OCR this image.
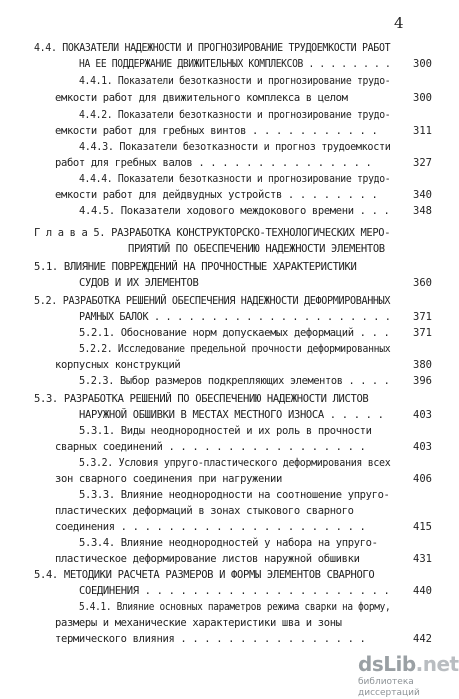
4
4.4. ПОКАЗАТЕЛИ НАДЕЖНОСТИ И ПРОГНОЗИРОВАНИЕ ТРУДОЕМКОСТИ РАБОТ
НА ЕЕ ПОДДЕРЖАНИЕ ДВИЖИТЕЛЬНЫХ КОМПЛЕКСОВ . . . . . . . .	300
4.4.1. Показатели безотказности и прогнозирование трудо-
емкости работ для движительного комплекса в целом	300
4.4.2. Показатели безотказности и прогнозирование трудо-
емкости работ для гребных винтов . . . . . . . . . . .	311
4.4.3. Показатели безотказности и прогноз трудоемкости
работ для гребных валов . . . . . . . . . . . . . . .	327
4.4.4. Показатели безотказности и прогнозирование трудо-
емкости работ для дейдвудных устройств . . . . . . . .	340
4.4.5. Показатели ходового междокового времени . . .	348
Г л а в а 5. РАЗРАБОТКА КОНСТРУКТОРСКО-ТЕХНОЛОГИЧЕСКИХ МЕРО-
ПРИЯТИЙ ПО ОБЕСПЕЧЕНИЮ НАДЕЖНОСТИ ЭЛЕМЕНТОВ
5.1. ВЛИЯНИЕ ПОВРЕЖДЕНИЙ НА ПРОЧНОСТНЫЕ ХАРАКТЕРИСТИКИ
СУДОВ И ИХ ЭЛЕМЕНТОВ	360
5.2. РАЗРАБОТКА РЕШЕНИЙ ОБЕСПЕЧЕНИЯ НАДЕЖНОСТИ ДЕФОРМИРОВАННЫХ
РАМНЫХ БАЛОК . . . . . . . . . . . . . . . . . . . . .	371
5.2.1. Обоснование норм допускаемых деформаций . . .	371
5.2.2. Исследование предельной прочности деформированных
корпусных конструкций	380
5.2.3. Выбор размеров подкрепляющих элементов . . . .	396
5.3. РАЗРАБОТКА РЕШЕНИЙ ПО ОБЕСПЕЧЕНИЮ НАДЕЖНОСТИ ЛИСТОВ
НАРУЖНОЙ ОБШИВКИ В МЕСТАХ МЕСТНОГО ИЗНОСА . . . . .	403
5.3.1. Виды неоднородностей и их роль в прочности
сварных соединений . . . . . . . . . . . . . . . . .	403
5.3.2. Условия упруго-пластического деформирования всех
зон сварного соединения при нагружении	406
5.3.3. Влияние неоднородности на соотношение упруго-
пластических деформаций в зонах стыкового сварного
соединения . . . . . . . . . . . . . . . . . . . . .	415
5.3.4. Влияние неоднородностей у набора на упруго-
пластическое деформирование листов наружной обшивки	431
5.4. МЕТОДИКИ РАСЧЕТА РАЗМЕРОВ И ФОРМЫ ЭЛЕМЕНТОВ СВАРНОГО
СОЕДИНЕНИЯ . . . . . . . . . . . . . . . . . . . . .	440
5.4.1. Влияние основных параметров режима сварки на форму,
размеры и механические характеристики шва и зоны
термического влияния . . . . . . . . . . . . . . . .	442
dsLib.net
библиотека диссертаций
